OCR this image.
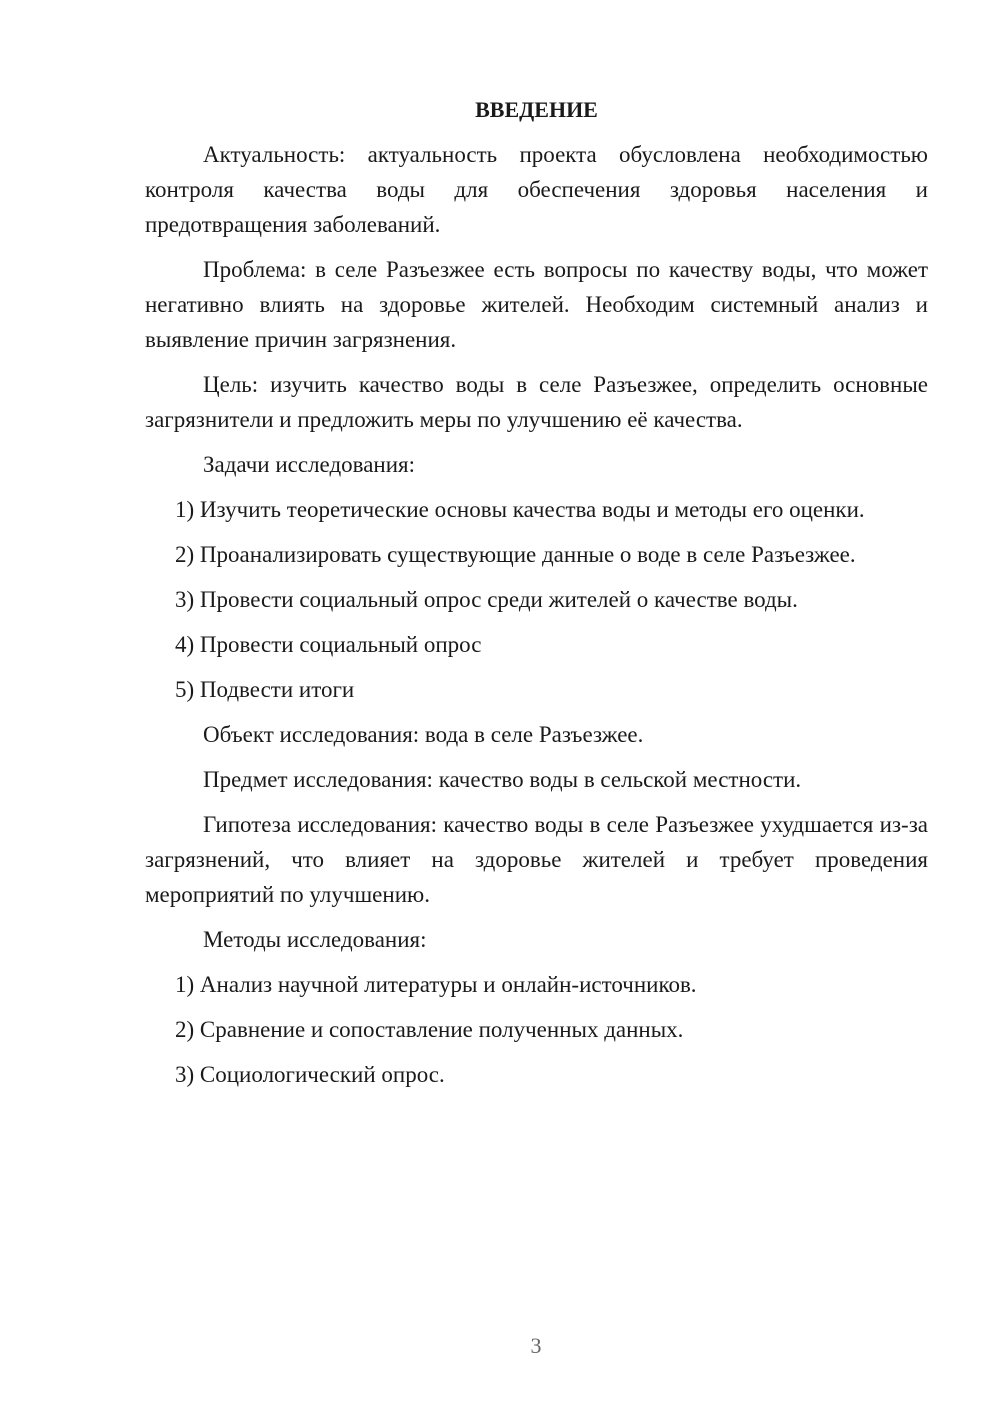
ВВЕДЕНИЕ
Актуальность: актуальность проекта обусловлена необходимостью контроля качества воды для обеспечения здоровья населения и предотвращения заболеваний.
Проблема: в селе Разъезжее есть вопросы по качеству воды, что может негативно влиять на здоровье жителей. Необходим системный анализ и выявление причин загрязнения.
Цель: изучить качество воды в селе Разъезжее, определить основные загрязнители и предложить меры по улучшению её качества.
Задачи исследования:
1) Изучить теоретические основы качества воды и методы его оценки.
2) Проанализировать существующие данные о воде в селе Разъезжее.
3) Провести социальный опрос среди жителей о качестве воды.
4) Провести социальный опрос
5) Подвести итоги
Объект исследования: вода в селе Разъезжее.
Предмет исследования: качество воды в сельской местности.
Гипотеза исследования: качество воды в селе Разъезжее ухудшается из-за загрязнений, что влияет на здоровье жителей и требует проведения мероприятий по улучшению.
Методы исследования:
1) Анализ научной литературы и онлайн-источников.
2) Сравнение и сопоставление полученных данных.
3) Социологический опрос.
3
